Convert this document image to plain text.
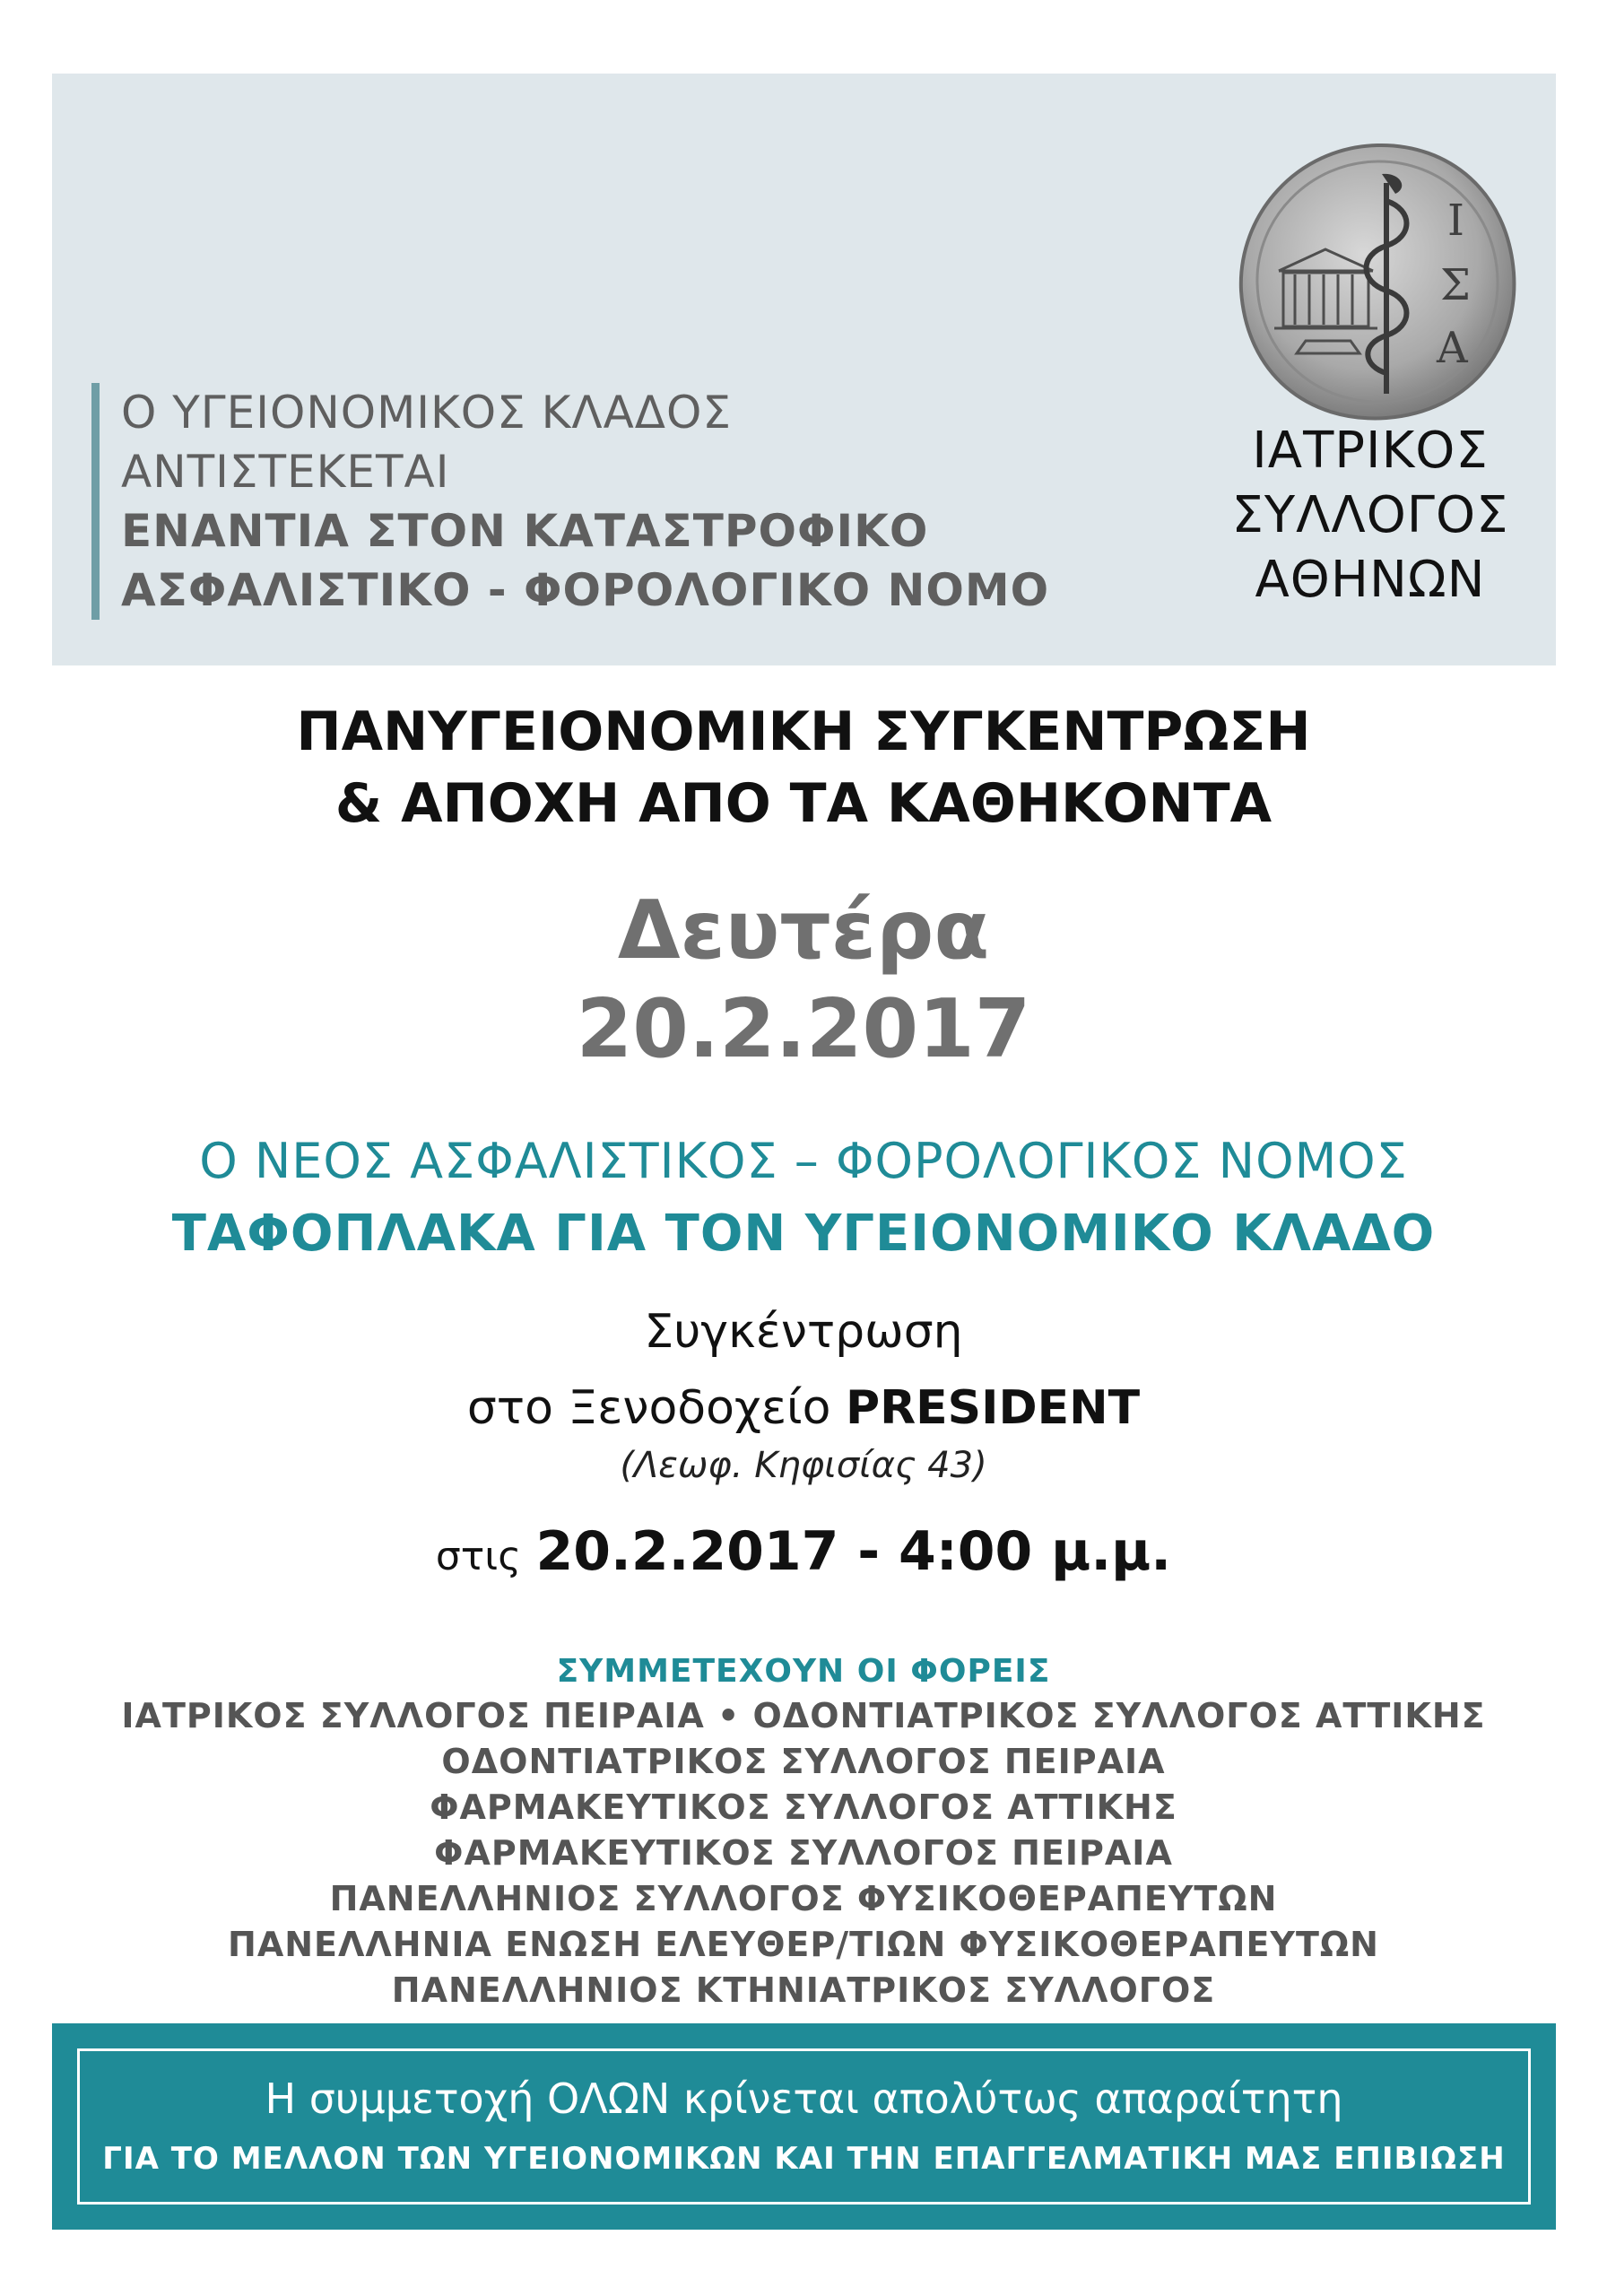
Ο ΥΓΕΙΟΝΟΜΙΚΟΣ ΚΛΑΔΟΣ
ΑΝΤΙΣΤΕΚΕΤΑΙ
ΕΝΑΝΤΙΑ ΣΤΟΝ ΚΑΤΑΣΤΡΟΦΙΚΟ
ΑΣΦΑΛΙΣΤΙΚΟ - ΦΟΡΟΛΟΓΙΚΟ ΝΟΜΟ
Ι
Σ
Α
ΙΑΤΡΙΚΟΣ
ΣΥΛΛΟΓΟΣ
ΑΘΗΝΩΝ
ΠΑΝΥΓΕΙΟΝΟΜΙΚΗ ΣΥΓΚΕΝΤΡΩΣΗ
& ΑΠΟΧΗ ΑΠΟ ΤΑ ΚΑΘΗΚΟΝΤΑ
Δευτέρα
20.2.2017
Ο ΝΕΟΣ ΑΣΦΑΛΙΣΤΙΚΟΣ – ΦΟΡΟΛΟΓΙΚΟΣ ΝΟΜΟΣ
ΤΑΦΟΠΛΑΚΑ ΓΙΑ ΤΟΝ ΥΓΕΙΟΝΟΜΙΚΟ ΚΛΑΔΟ
Συγκέντρωση
στο Ξενοδοχείο PRESIDENT
(Λεωφ. Κηφισίας 43)
στις 20.2.2017 - 4:00 μ.μ.
ΣΥΜΜΕΤΕΧΟΥΝ ΟΙ ΦΟΡΕΙΣ
ΙΑΤΡΙΚΟΣ ΣΥΛΛΟΓΟΣ ΠΕΙΡΑΙΑ • ΟΔΟΝΤΙΑΤΡΙΚΟΣ ΣΥΛΛΟΓΟΣ ΑΤΤΙΚΗΣ
ΟΔΟΝΤΙΑΤΡΙΚΟΣ ΣΥΛΛΟΓΟΣ ΠΕΙΡΑΙΑ
ΦΑΡΜΑΚΕΥΤΙΚΟΣ ΣΥΛΛΟΓΟΣ ΑΤΤΙΚΗΣ
ΦΑΡΜΑΚΕΥΤΙΚΟΣ ΣΥΛΛΟΓΟΣ ΠΕΙΡΑΙΑ
ΠΑΝΕΛΛΗΝΙΟΣ ΣΥΛΛΟΓΟΣ ΦΥΣΙΚΟΘΕΡΑΠΕΥΤΩΝ
ΠΑΝΕΛΛΗΝΙΑ ΕΝΩΣΗ ΕΛΕΥΘΕΡ/ΤΙΩΝ ΦΥΣΙΚΟΘΕΡΑΠΕΥΤΩΝ
ΠΑΝΕΛΛΗΝΙΟΣ ΚΤΗΝΙΑΤΡΙΚΟΣ ΣΥΛΛΟΓΟΣ
Η συμμετοχή ΟΛΩΝ κρίνεται απολύτως απαραίτητη
ΓΙΑ ΤΟ ΜΕΛΛΟΝ ΤΩΝ ΥΓΕΙΟΝΟΜΙΚΩΝ ΚΑΙ ΤΗΝ ΕΠΑΓΓΕΛΜΑΤΙΚΗ ΜΑΣ ΕΠΙΒΙΩΣΗ
